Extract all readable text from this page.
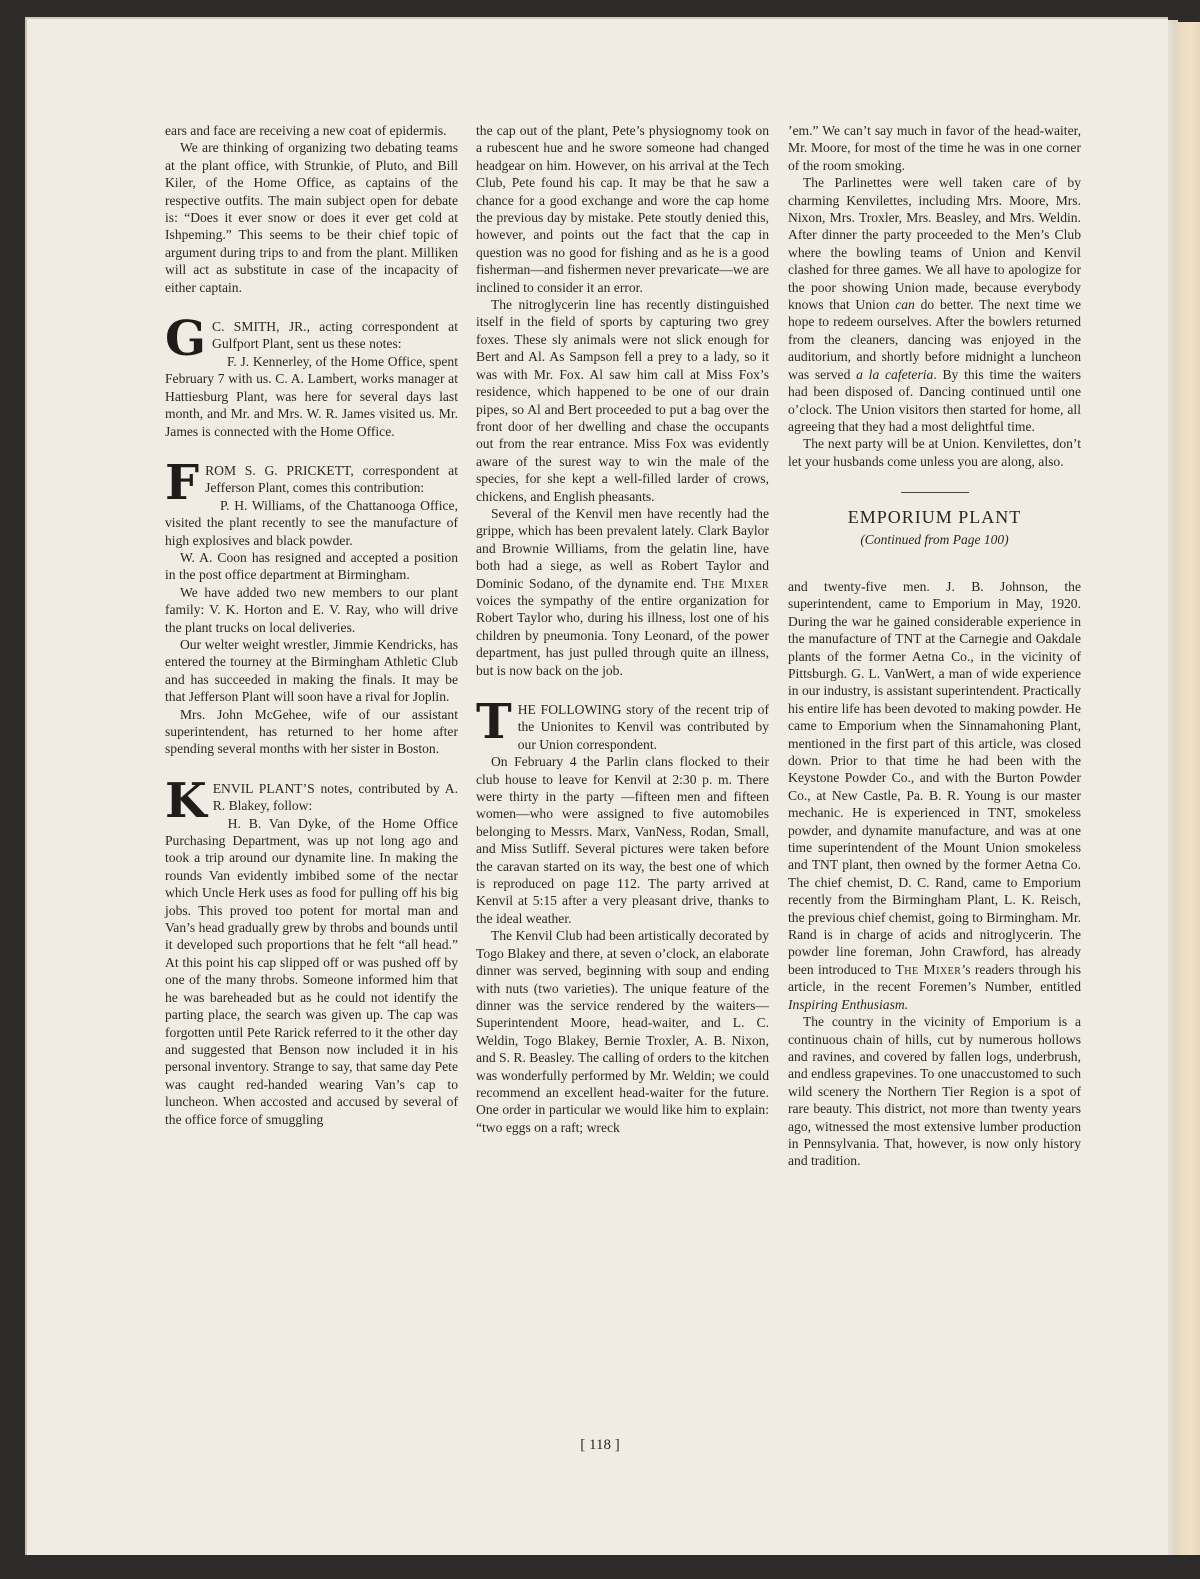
ears and face are receiving a new coat of epidermis.

We are thinking of organizing two debating teams at the plant office, with Strunkie, of Pluto, and Bill Kiler, of the Home Office, as captains of the respective outfits. The main subject open for debate is: “Does it ever snow or does it ever get cold at Ishpeming.” This seems to be their chief topic of argument during trips to and from the plant. Milliken will act as substitute in case of the incapacity of either captain.

G C. SMITH, JR., acting correspondent at Gulfport Plant, sent us these notes:

F. J. Kennerley, of the Home Office, spent February 7 with us. C. A. Lambert, works manager at Hattiesburg Plant, was here for several days last month, and Mr. and Mrs. W. R. James visited us. Mr. James is connected with the Home Office.

FROM S. G. PRICKETT, correspondent at Jefferson Plant, comes this contribution:

P. H. Williams, of the Chattanooga Office, visited the plant recently to see the manufacture of high explosives and black powder.

W. A. Coon has resigned and accepted a position in the post office department at Birmingham.

We have added two new members to our plant family: V. K. Horton and E. V. Ray, who will drive the plant trucks on local deliveries.

Our welter weight wrestler, Jimmie Kendricks, has entered the tourney at the Birmingham Athletic Club and has succeeded in making the finals. It may be that Jefferson Plant will soon have a rival for Joplin.

Mrs. John McGehee, wife of our assistant superintendent, has returned to her home after spending several months with her sister in Boston.

KENVIL PLANT’S notes, contributed by A. R. Blakey, follow:

H. B. Van Dyke, of the Home Office Purchasing Department, was up not long ago and took a trip around our dynamite line. In making the rounds Van evidently imbibed some of the nectar which Uncle Herk uses as food for pulling off his big jobs. This proved too potent for mortal man and Van’s head gradually grew by throbs and bounds until it developed such proportions that he felt “all head.” At this point his cap slipped off or was pushed off by one of the many throbs. Someone informed him that he was bareheaded but as he could not identify the parting place, the search was given up. The cap was forgotten until Pete Rarick referred to it the other day and suggested that Benson now included it in his personal inventory. Strange to say, that same day Pete was caught red-handed wearing Van’s cap to luncheon. When accosted and accused by several of the office force of smuggling

the cap out of the plant, Pete’s physiognomy took on a rubescent hue and he swore someone had changed headgear on him. However, on his arrival at the Tech Club, Pete found his cap. It may be that he saw a chance for a good exchange and wore the cap home the previous day by mistake. Pete stoutly denied this, however, and points out the fact that the cap in question was no good for fishing and as he is a good fisherman—and fishermen never prevaricate—we are inclined to consider it an error.

The nitroglycerin line has recently distinguished itself in the field of sports by capturing two grey foxes. These sly animals were not slick enough for Bert and Al. As Sampson fell a prey to a lady, so it was with Mr. Fox. Al saw him call at Miss Fox’s residence, which happened to be one of our drain pipes, so Al and Bert proceeded to put a bag over the front door of her dwelling and chase the occupants out from the rear entrance. Miss Fox was evidently aware of the surest way to win the male of the species, for she kept a well-filled larder of crows, chickens, and English pheasants.

Several of the Kenvil men have recently had the grippe, which has been prevalent lately. Clark Baylor and Brownie Williams, from the gelatin line, have both had a siege, as well as Robert Taylor and Dominic Sodano, of the dynamite end. The Mixer voices the sympathy of the entire organization for Robert Taylor who, during his illness, lost one of his children by pneumonia. Tony Leonard, of the power department, has just pulled through quite an illness, but is now back on the job.

THE FOLLOWING story of the recent trip of the Unionites to Kenvil was contributed by our Union correspondent.

On February 4 the Parlin clans flocked to their club house to leave for Kenvil at 2:30 p. m. There were thirty in the party —fifteen men and fifteen women—who were assigned to five automobiles belonging to Messrs. Marx, VanNess, Rodan, Small, and Miss Sutliff. Several pictures were taken before the caravan started on its way, the best one of which is reproduced on page 112. The party arrived at Kenvil at 5:15 after a very pleasant drive, thanks to the ideal weather.

The Kenvil Club had been artistically decorated by Togo Blakey and there, at seven o’clock, an elaborate dinner was served, beginning with soup and ending with nuts (two varieties). The unique feature of the dinner was the service rendered by the waiters—Superintendent Moore, head-waiter, and L. C. Weldin, Togo Blakey, Bernie Troxler, A. B. Nixon, and S. R. Beasley. The calling of orders to the kitchen was wonderfully performed by Mr. Weldin; we could recommend an excellent head-waiter for the future. One order in particular we would like him to explain: “two eggs on a raft; wreck

’em.” We can’t say much in favor of the head-waiter, Mr. Moore, for most of the time he was in one corner of the room smoking.

The Parlinettes were well taken care of by charming Kenvilettes, including Mrs. Moore, Mrs. Nixon, Mrs. Troxler, Mrs. Beasley, and Mrs. Weldin. After dinner the party proceeded to the Men’s Club where the bowling teams of Union and Kenvil clashed for three games. We all have to apologize for the poor showing Union made, because everybody knows that Union can do better. The next time we hope to redeem ourselves. After the bowlers returned from the cleaners, dancing was enjoyed in the auditorium, and shortly before midnight a luncheon was served a la cafeteria. By this time the waiters had been disposed of. Dancing continued until one o’clock. The Union visitors then started for home, all agreeing that they had a most delightful time.

The next party will be at Union. Kenvilettes, don’t let your husbands come unless you are along, also.

EMPORIUM PLANT
(Continued from Page 100)

and twenty-five men. J. B. Johnson, the superintendent, came to Emporium in May, 1920. During the war he gained considerable experience in the manufacture of TNT at the Carnegie and Oakdale plants of the former Aetna Co., in the vicinity of Pittsburgh. G. L. VanWert, a man of wide experience in our industry, is assistant superintendent. Practically his entire life has been devoted to making powder. He came to Emporium when the Sinnamahoning Plant, mentioned in the first part of this article, was closed down. Prior to that time he had been with the Keystone Powder Co., and with the Burton Powder Co., at New Castle, Pa. B. R. Young is our master mechanic. He is experienced in TNT, smokeless powder, and dynamite manufacture, and was at one time superintendent of the Mount Union smokeless and TNT plant, then owned by the former Aetna Co. The chief chemist, D. C. Rand, came to Emporium recently from the Birmingham Plant, L. K. Reisch, the previous chief chemist, going to Birmingham. Mr. Rand is in charge of acids and nitroglycerin. The powder line foreman, John Crawford, has already been introduced to The Mixer’s readers through his article, in the recent Foremen’s Number, entitled Inspiring Enthusiasm.

The country in the vicinity of Emporium is a continuous chain of hills, cut by numerous hollows and ravines, and covered by fallen logs, underbrush, and endless grapevines. To one unaccustomed to such wild scenery the Northern Tier Region is a spot of rare beauty. This district, not more than twenty years ago, witnessed the most extensive lumber production in Pennsylvania. That, however, is now only history and tradition.

[ 118 ]
